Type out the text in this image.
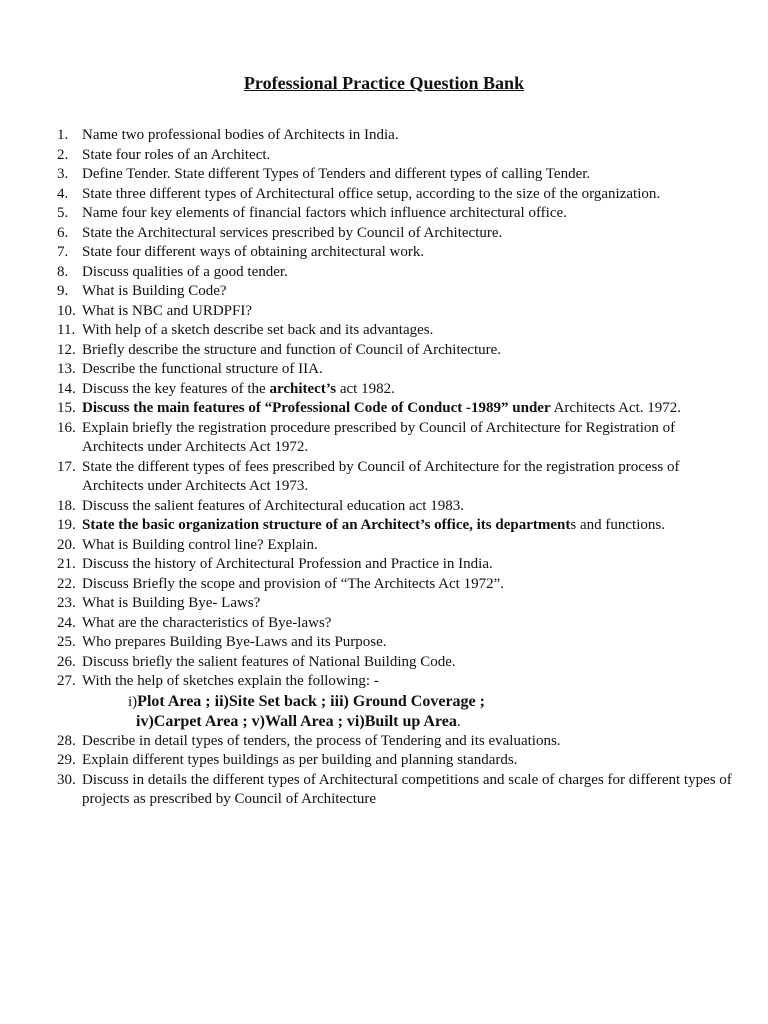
Professional Practice Question Bank
1. Name two professional bodies of Architects in India.
2. State four roles of an Architect.
3. Define Tender. State different Types of Tenders and different types of calling Tender.
4. State three different types of Architectural office setup, according to the size of the organization.
5. Name four key elements of financial factors which influence architectural office.
6. State the Architectural services prescribed by Council of Architecture.
7. State four different ways of obtaining architectural work.
8. Discuss qualities of a good tender.
9. What is Building Code?
10. What is NBC and URDPFI?
11. With help of a sketch describe set back and its advantages.
12. Briefly describe the structure and function of Council of Architecture.
13. Describe the functional structure of IIA.
14. Discuss the key features of the architect’s act 1982.
15. Discuss the main features of “Professional Code of Conduct -1989” under Architects Act. 1972.
16. Explain briefly the registration procedure prescribed by Council of Architecture for Registration of Architects under Architects Act 1972.
17. State the different types of fees prescribed by Council of Architecture for the registration process of Architects under Architects Act 1973.
18. Discuss the salient features of Architectural education act 1983.
19. State the basic organization structure of an Architect’s office, its departments and functions.
20. What is Building control line? Explain.
21. Discuss the history of Architectural Profession and Practice in India.
22. Discuss Briefly the scope and provision of “The Architects Act 1972”.
23. What is Building Bye- Laws?
24. What are the characteristics of Bye-laws?
25. Who prepares Building Bye-Laws and its Purpose.
26. Discuss briefly the salient features of National Building Code.
27. With the help of sketches explain the following: -
i)Plot Area ; ii)Site Set back ; iii) Ground Coverage ;
iv)Carpet Area ; v)Wall Area ; vi)Built up Area.
28. Describe in detail types of tenders, the process of Tendering and its evaluations.
29. Explain different types buildings as per building and planning standards.
30. Discuss in details the different types of Architectural competitions and scale of charges for different types of projects as prescribed by Council of Architecture
